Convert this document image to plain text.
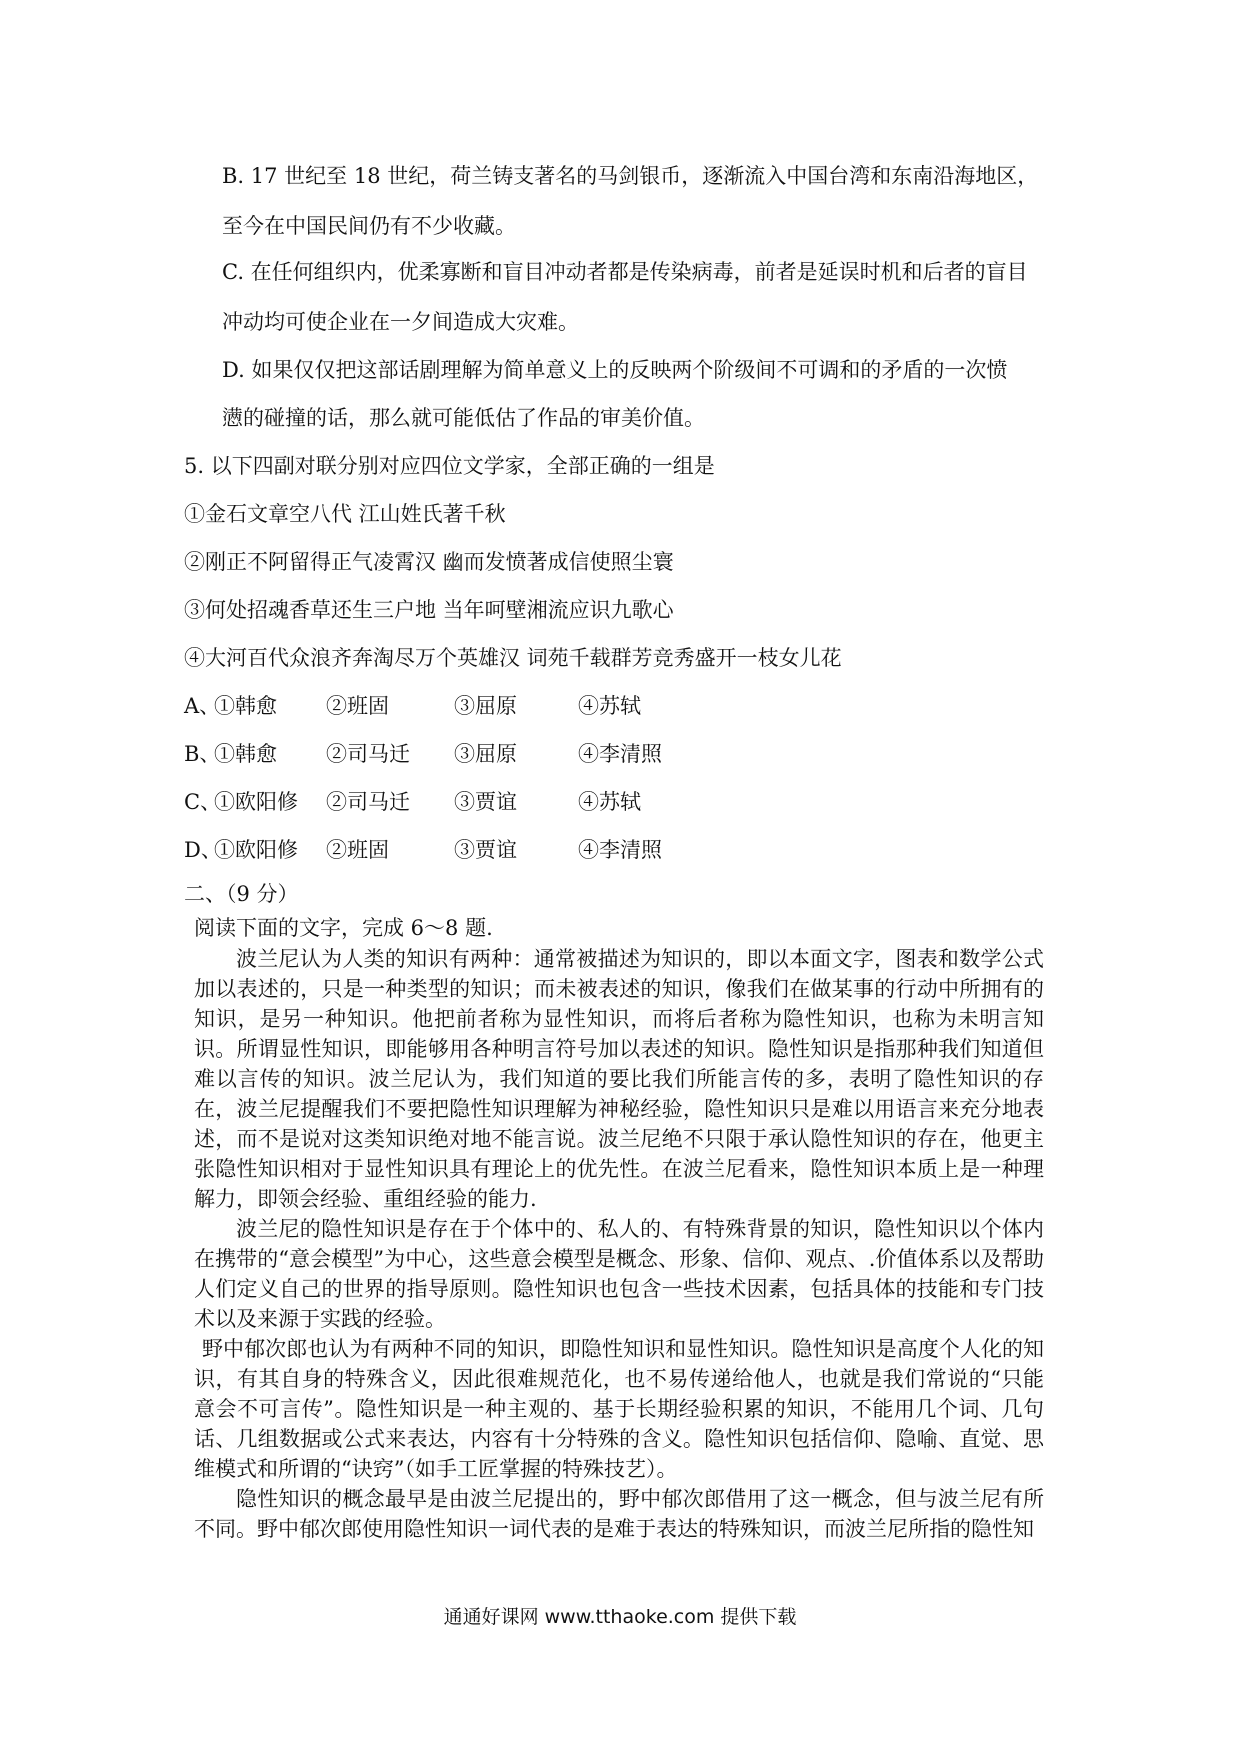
B. 17 世纪至 18 世纪，荷兰铸支著名的马剑银币，逐渐流入中国台湾和东南沿海地区，
至今在中国民间仍有不少收藏。
C. 在任何组织内，优柔寡断和盲目冲动者都是传染病毒，前者是延误时机和后者的盲目
冲动均可使企业在一夕间造成大灾难。
D. 如果仅仅把这部话剧理解为简单意义上的反映两个阶级间不可调和的矛盾的一次愤
懑的碰撞的话，那么就可能低估了作品的审美价值。
5. 以下四副对联分别对应四位文学家，全部正确的一组是
①金石文章空八代 江山姓氏著千秋
②刚正不阿留得正气凌霄汉 幽而发愤著成信使照尘寰
③何处招魂香草还生三户地 当年呵壁湘流应识九歌心
④大河百代众浪齐奔淘尽万个英雄汉 词苑千载群芳竞秀盛开一枝女儿花
A、
①韩愈 ②班固	③屈原	④苏轼
B、
①韩愈 ②司马迁 ③屈原	④李清照
C、
①欧阳修 ②司马迁 ③贾谊	④苏轼
D、
①欧阳修 ②班固	③贾谊	④李清照
二、（9 分）
阅读下面的文字，完成 6～8 题.

波兰尼认为人类的知识有两种：通常被描述为知识的，即以本面文字，图表和数学公式加以表述的，只是一种类型的知识；而未被表述的知识，像我们在做某事的行动中所拥有的知识，是另一种知识。他把前者称为显性知识，而将后者称为隐性知识，也称为未明言知识。所谓显性知识，即能够用各种明言符号加以表述的知识。隐性知识是指那种我们知道但难以言传的知识。波兰尼认为，我们知道的要比我们所能言传的多，表明了隐性知识的存在，波兰尼提醒我们不要把隐性知识理解为神秘经验，隐性知识只是难以用语言来充分地表述，而不是说对这类知识绝对地不能言说。波兰尼绝不只限于承认隐性知识的存在，他更主张隐性知识相对于显性知识具有理论上的优先性。在波兰尼看来，隐性知识本质上是一种理解力，即领会经验、重组经验的能力.

波兰尼的隐性知识是存在于个体中的、私人的、有特殊背景的知识，隐性知识以个体内在携带的“意会模型”为中心，这些意会模型是概念、形象、信仰、观点、.价值体系以及帮助人们定义自己的世界的指导原则。隐性知识也包含一些技术因素，包括具体的技能和专门技术以及来源于实践的经验。

野中郁次郎也认为有两种不同的知识，即隐性知识和显性知识。隐性知识是高度个人化的知识，有其自身的特殊含义，因此很难规范化，也不易传递给他人，也就是我们常说的“只能意会不可言传”。隐性知识是一种主观的、基于长期经验积累的知识，不能用几个词、几句话、几组数据或公式来表达，内容有十分特殊的含义。隐性知识包括信仰、隐喻、直觉、思维模式和所谓的“诀窍”（如手工匠掌握的特殊技艺）。

隐性知识的概念最早是由波兰尼提出的，野中郁次郎借用了这一概念，但与波兰尼有所不同。野中郁次郎使用隐性知识一词代表的是难于表达的特殊知识，而波兰尼所指的隐性知

通通好课网 www.tthaoke.com 提供下载
